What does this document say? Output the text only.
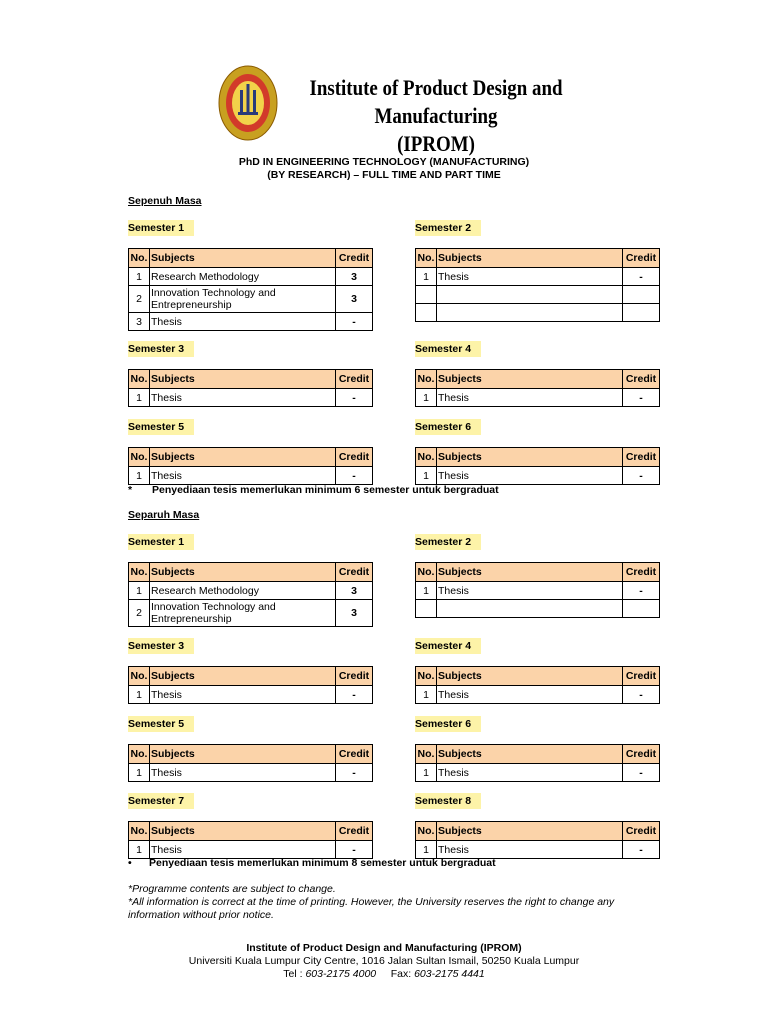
Institute of Product Design and Manufacturing
(IPROM)
PhD IN ENGINEERING TECHNOLOGY (MANUFACTURING)
(BY RESEARCH) – FULL TIME AND PART TIME
Sepenuh Masa
Semester 1
No.	Subjects	Credit
1	Research Methodology	3
2	Innovation Technology and Entrepreneurship	3
3	Thesis	-
Semester 2
No.	Subjects	Credit
1	Thesis	-

Semester 3
No.	Subjects	Credit
1	Thesis	-
Semester 4
No.	Subjects	Credit
1	Thesis	-
Semester 5
No.	Subjects	Credit
1	Thesis	-
Semester 6
No.	Subjects	Credit
1	Thesis	-
* Penyediaan tesis memerlukan minimum 6 semester untuk bergraduat
Separuh Masa
Semester 1
No.	Subjects	Credit
1	Research Methodology	3
2	Innovation Technology and Entrepreneurship	3
Semester 2
No.	Subjects	Credit
1	Thesis	-

Semester 3
No.	Subjects	Credit
1	Thesis	-
Semester 4
No.	Subjects	Credit
1	Thesis	-
Semester 5
No.	Subjects	Credit
1	Thesis	-
Semester 6
No.	Subjects	Credit
1	Thesis	-
Semester 7
No.	Subjects	Credit
1	Thesis	-
Semester 8
No.	Subjects	Credit
1	Thesis	-
• Penyediaan tesis memerlukan minimum 8 semester untuk bergraduat
*Programme contents are subject to change.
*All information is correct at the time of printing. However, the University reserves the right to change any information without prior notice.
Institute of Product Design and Manufacturing (IPROM)
Universiti Kuala Lumpur City Centre, 1016 Jalan Sultan Ismail, 50250 Kuala Lumpur
Tel : 603-2175 4000 Fax: 603-2175 4441
